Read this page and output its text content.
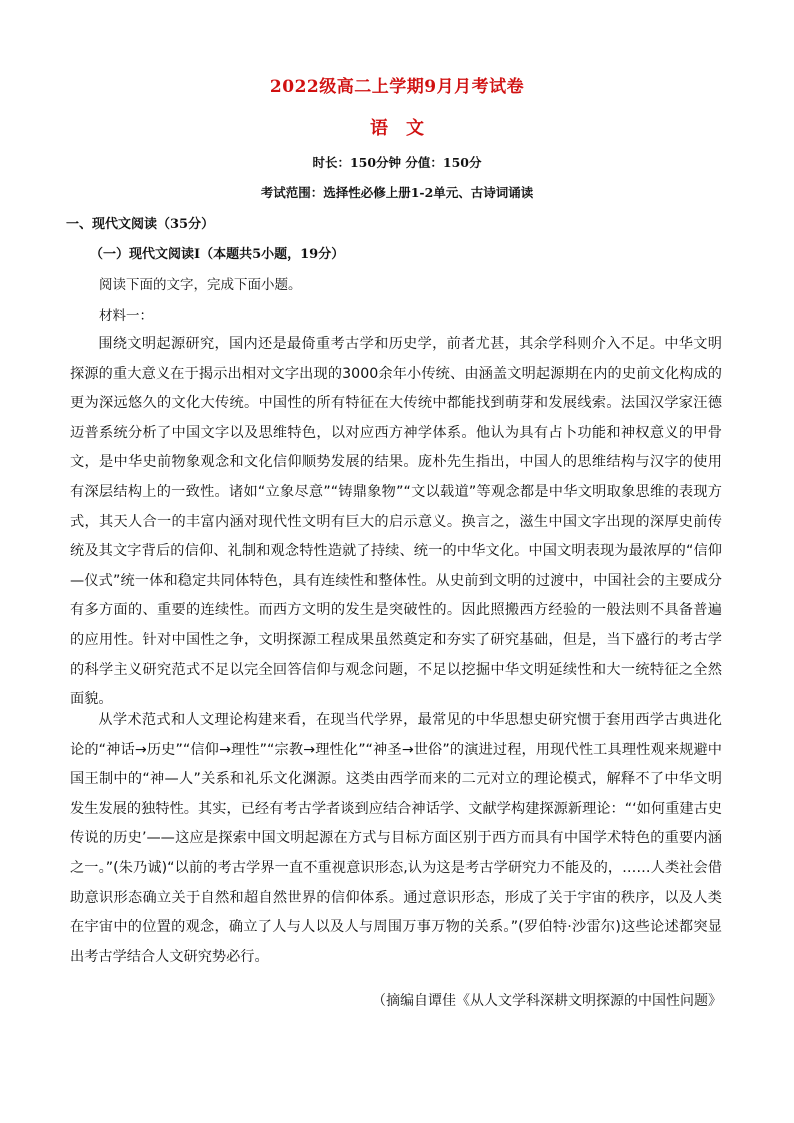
2022级高二上学期9月月考试卷
语文
时长：150分钟 分值：150分
考试范围：选择性必修上册1-2单元、古诗词诵读
一、现代文阅读（35分）
（一）现代文阅读Ⅰ（本题共5小题，19分）
阅读下面的文字，完成下面小题。
材料一：

围绕文明起源研究，国内还是最倚重考古学和历史学，前者尤甚，其余学科则介入不足。中华文明探源的重大意义在于揭示出相对文字出现的3000余年小传统、由涵盖文明起源期在内的史前文化构成的更为深远悠久的文化大传统。中国性的所有特征在大传统中都能找到萌芽和发展线索。法国汉学家汪德迈普系统分析了中国文字以及思维特色，以对应西方神学体系。他认为具有占卜功能和神权意义的甲骨文，是中华史前物象观念和文化信仰顺势发展的结果。庞朴先生指出，中国人的思维结构与汉字的使用有深层结构上的一致性。诸如“立象尽意”“铸鼎象物”“文以载道”等观念都是中华文明取象思维的表现方式，其天人合一的丰富内涵对现代性文明有巨大的启示意义。换言之，滋生中国文字出现的深厚史前传统及其文字背后的信仰、礼制和观念特性造就了持续、统一的中华文化。中国文明表现为最浓厚的“信仰—仪式”统一体和稳定共同体特色，具有连续性和整体性。从史前到文明的过渡中，中国社会的主要成分有多方面的、重要的连续性。而西方文明的发生是突破性的。因此照搬西方经验的一般法则不具备普遍的应用性。针对中国性之争，文明探源工程成果虽然奠定和夯实了研究基础，但是，当下盛行的考古学的科学主义研究范式不足以完全回答信仰与观念问题，不足以挖掘中华文明延续性和大一统特征之全然面貌。

从学术范式和人文理论构建来看，在现当代学界，最常见的中华思想史研究惯于套用西学古典进化论的“神话→历史”“信仰→理性”“宗教→理性化”“神圣→世俗”的演进过程，用现代性工具理性观来规避中国王制中的“神—人”关系和礼乐文化渊源。这类由西学而来的二元对立的理论模式，解释不了中华文明发生发展的独特性。其实，已经有考古学者谈到应结合神话学、文献学构建探源新理论：“‘如何重建古史传说的历史’——这应是探索中国文明起源在方式与目标方面区别于西方而具有中国学术特色的重要内涵之一。”(朱乃诚)“以前的考古学界一直不重视意识形态,认为这是考古学研究力不能及的，……人类社会借助意识形态确立关于自然和超自然世界的信仰体系。通过意识形态，形成了关于宇宙的秩序，以及人类在宇宙中的位置的观念，确立了人与人以及人与周围万事万物的关系。”(罗伯特·沙雷尔)这些论述都突显出考古学结合人文研究势必行。

（摘编自谭佳《从人文学科深耕文明探源的中国性问题》
